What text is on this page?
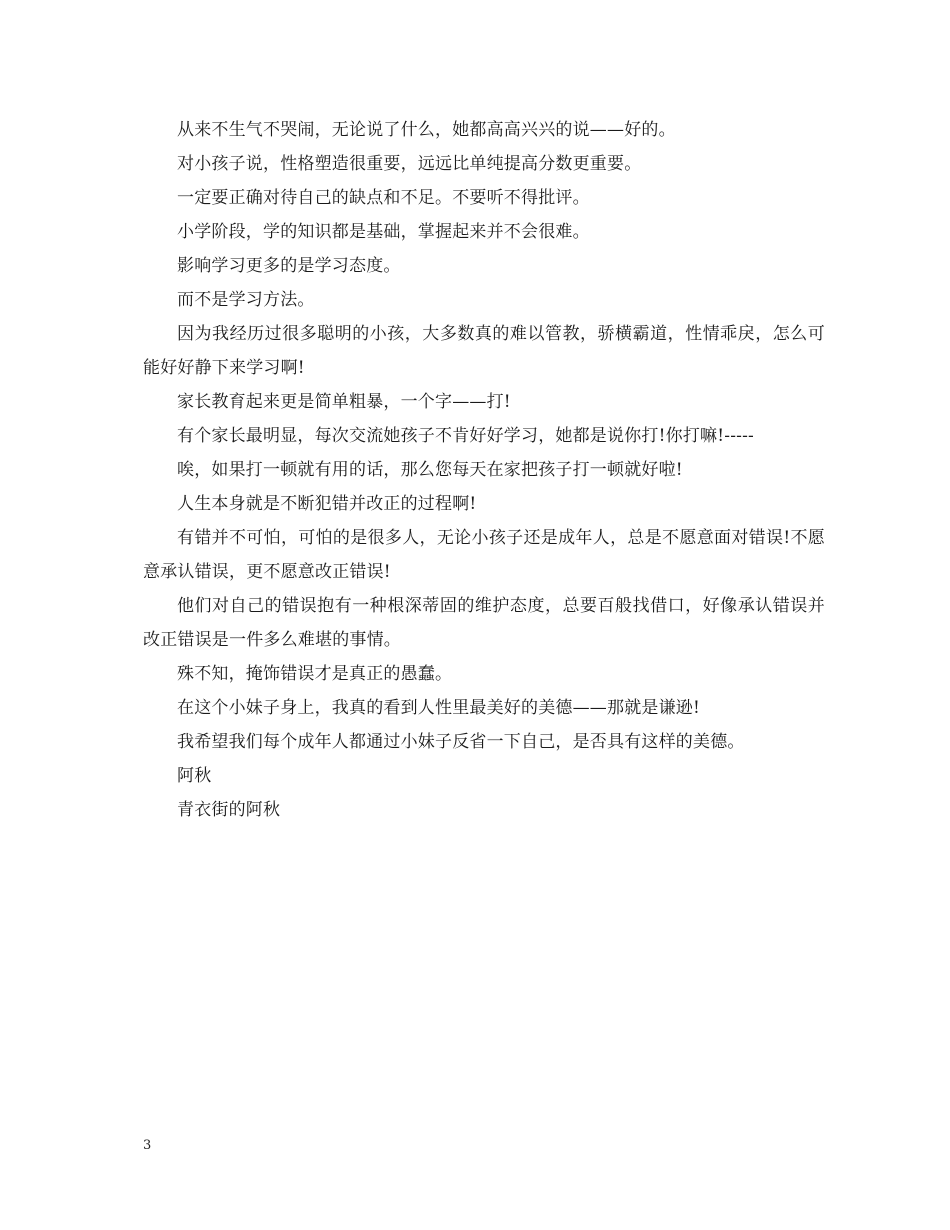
从来不生气不哭闹，无论说了什么，她都高高兴兴的说——好的。

对小孩子说，性格塑造很重要，远远比单纯提高分数更重要。

一定要正确对待自己的缺点和不足。不要听不得批评。

小学阶段，学的知识都是基础，掌握起来并不会很难。

影响学习更多的是学习态度。

而不是学习方法。

因为我经历过很多聪明的小孩，大多数真的难以管教，骄横霸道，性情乖戾，怎么可能好好静下来学习啊!

家长教育起来更是简单粗暴，一个字——打!

有个家长最明显，每次交流她孩子不肯好好学习，她都是说你打!你打嘛!-----

唉，如果打一顿就有用的话，那么您每天在家把孩子打一顿就好啦!

人生本身就是不断犯错并改正的过程啊!

有错并不可怕，可怕的是很多人，无论小孩子还是成年人，总是不愿意面对错误!不愿意承认错误，更不愿意改正错误!

他们对自己的错误抱有一种根深蒂固的维护态度，总要百般找借口，好像承认错误并改正错误是一件多么难堪的事情。

殊不知，掩饰错误才是真正的愚蠢。

在这个小妹子身上，我真的看到人性里最美好的美德——那就是谦逊!

我希望我们每个成年人都通过小妹子反省一下自己，是否具有这样的美德。

阿秋

青衣街的阿秋

3
